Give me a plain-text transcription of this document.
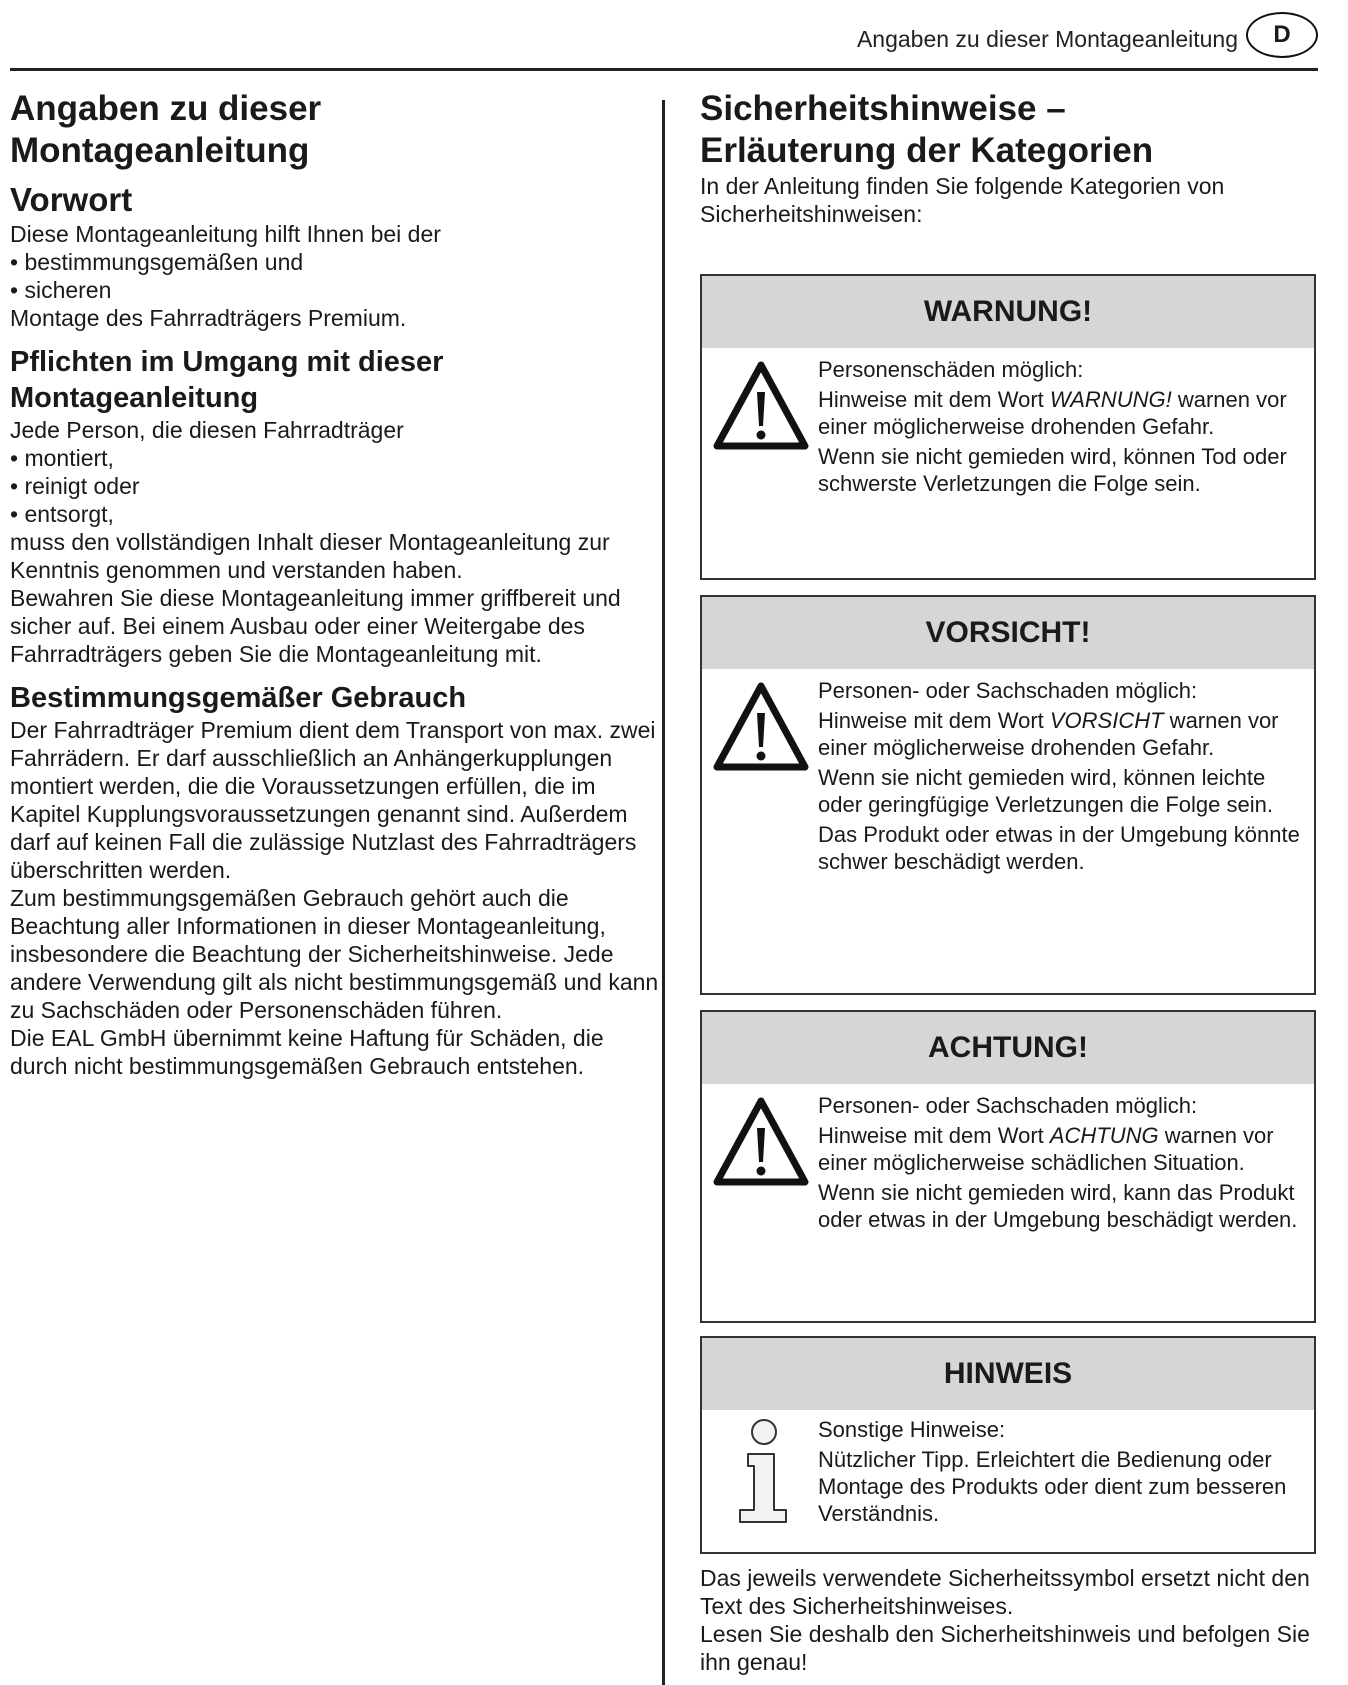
Angaben zu dieser Montageanleitung	D
Angaben zu dieser
Montageanleitung
Vorwort

Diese Montageanleitung hilft Ihnen bei der

• bestimmungsgemäßen und
• sicheren

Montage des Fahrradträgers Premium.

Pflichten im Umgang mit dieser Montageanleitung

Jede Person, die diesen Fahrradträger

• montiert,
• reinigt oder
• entsorgt,

muss den vollständigen Inhalt dieser Montageanleitung zur Kenntnis genommen und verstanden haben.

Bewahren Sie diese Montageanleitung immer griffbereit und sicher auf. Bei einem Ausbau oder einer Weitergabe des Fahrradträgers geben Sie die Montageanleitung mit.

Bestimmungsgemäßer Gebrauch

Der Fahrradträger Premium dient dem Transport von max. zwei Fahrrädern. Er darf ausschließlich an Anhängerkupplungen montiert werden, die die Voraussetzungen erfüllen, die im Kapitel Kupplungsvoraussetzungen genannt sind. Außerdem darf auf keinen Fall die zulässige Nutzlast des Fahrradträgers überschritten werden.

Zum bestimmungsgemäßen Gebrauch gehört auch die Beachtung aller Informationen in dieser Montageanleitung, insbesondere die Beachtung der Sicherheitshinweise. Jede andere Verwendung gilt als nicht bestimmungsgemäß und kann zu Sachschäden oder Personenschäden führen.

Die EAL GmbH übernimmt keine Haftung für Schäden, die durch nicht bestimmungsgemäßen Gebrauch entstehen.

Sicherheitshinweise –
Erläuterung der Kategorien

In der Anleitung finden Sie folgende Kategorien von Sicherheitshinweisen:

WARNUNG!

Personenschäden möglich:

Hinweise mit dem Wort WARNUNG! warnen vor einer möglicherweise drohenden Gefahr.

Wenn sie nicht gemieden wird, können Tod oder schwerste Verletzungen die Folge sein.

VORSICHT!

Personen- oder Sachschaden möglich:

Hinweise mit dem Wort VORSICHT warnen vor einer möglicherweise drohenden Gefahr.

Wenn sie nicht gemieden wird, können leichte oder geringfügige Verletzungen die Folge sein.

Das Produkt oder etwas in der Umgebung könnte schwer beschädigt werden.

ACHTUNG!

Personen- oder Sachschaden möglich:

Hinweise mit dem Wort ACHTUNG warnen vor einer möglicherweise schädlichen Situation.

Wenn sie nicht gemieden wird, kann das Produkt oder etwas in der Umgebung beschädigt werden.

HINWEIS

Sonstige Hinweise:

Nützlicher Tipp. Erleichtert die Bedienung oder Montage des Produkts oder dient zum besseren Verständnis.

Das jeweils verwendete Sicherheitssymbol ersetzt nicht den Text des Sicherheitshinweises.

Lesen Sie deshalb den Sicherheitshinweis und befolgen Sie ihn genau!
